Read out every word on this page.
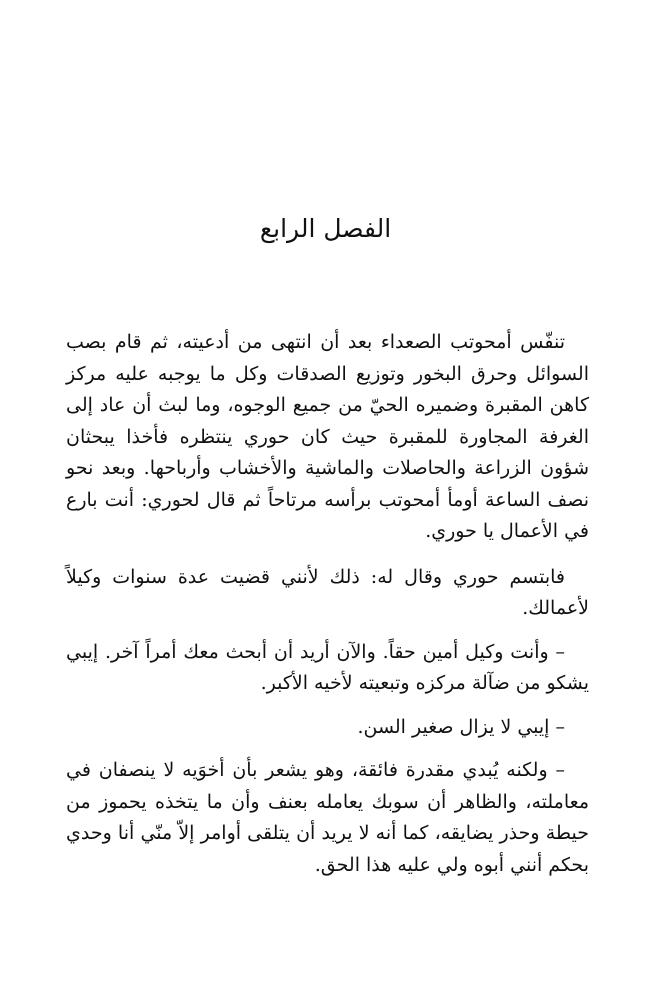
الفصل الرابع

تنفّس أمحوتب الصعداء بعد أن انتهى من أدعيته، ثم قام بصب السوائل وحرق البخور وتوزيع الصدقات وكل ما يوجبه عليه مركز كاهن المقبرة وضميره الحيّ من جميع الوجوه، وما لبث أن عاد إلى الغرفة المجاورة للمقبرة حيث كان حوري ينتظره فأخذا يبحثان شؤون الزراعة والحاصلات والماشية والأخشاب وأرباحها. وبعد نحو نصف الساعة أومأ أمحوتب برأسه مرتاحاً ثم قال لحوري: أنت بارع في الأعمال يا حوري.

فابتسم حوري وقال له: ذلك لأنني قضيت عدة سنوات وكيلاً لأعمالك.

– وأنت وكيل أمين حقاً. والآن أريد أن أبحث معك أمراً آخر. إيبي يشكو من ضآلة مركزه وتبعيته لأخيه الأكبر.

– إيبي لا يزال صغير السن.

– ولكنه يُبدي مقدرة فائقة، وهو يشعر بأن أخوَيه لا ينصفان في معاملته، والظاهر أن سوبك يعامله بعنف وأن ما يتخذه يحموز من حيطة وحذر يضايقه، كما أنه لا يريد أن يتلقى أوامر إلاّ منّي أنا وحدي بحكم أنني أبوه ولي عليه هذا الحق.
